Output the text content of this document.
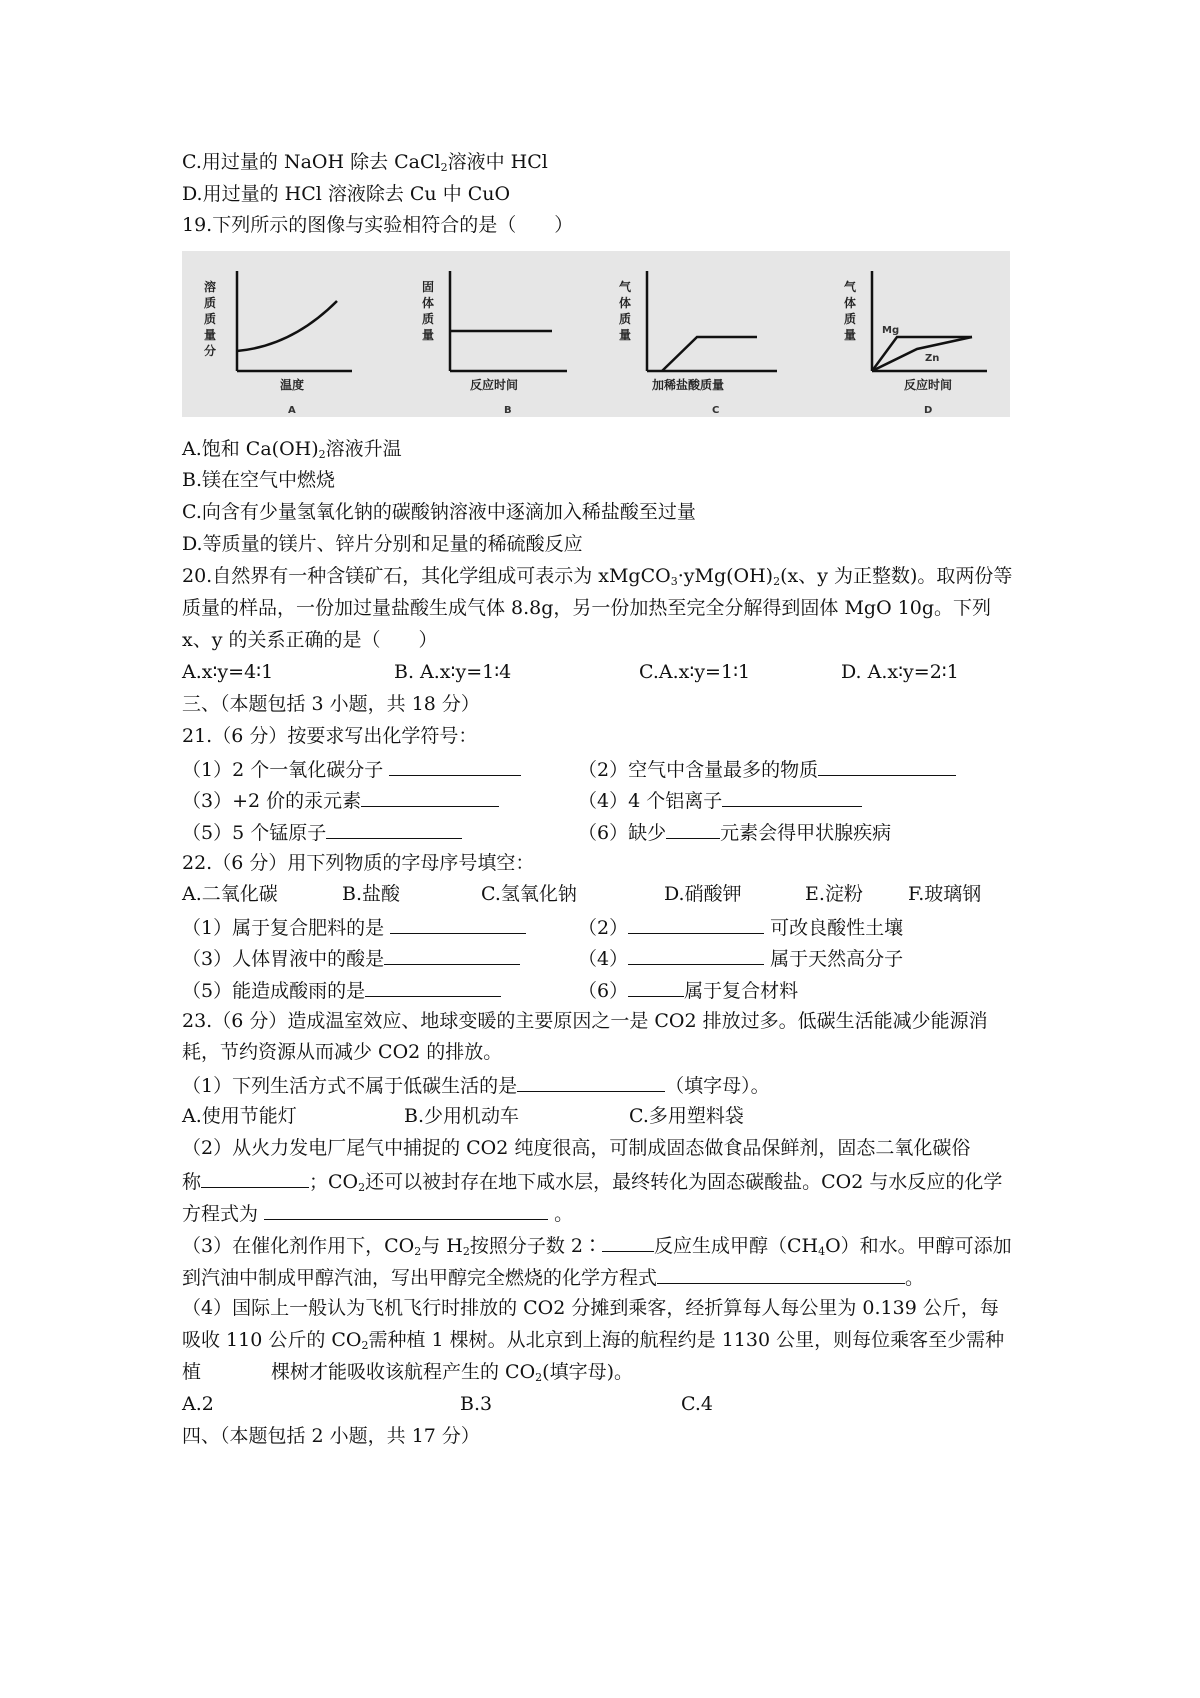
C.用过量的 NaOH 除去 CaCl$_2$溶液中 HCl
D.用过量的 HCl 溶液除去 Cu 中 CuO
19.下列所示的图像与实验相符合的是（　　）
溶质质量分
温度
固体质量
反应时间
气体质量
加稀盐酸质量
气体质量
反应时间
Mg
Zn
A	B	C	D
A.饱和 $Ca(OH)_2$溶液升温
B.镁在空气中燃烧
C.向含有少量氢氧化钠的碳酸钠溶液中逐滴加入稀盐酸至过量
D.等质量的镁片、锌片分别和足量的稀硫酸反应
20.自然界有一种含镁矿石，其化学组成可表示为 $xMgCO_3\cdot yMg(OH)_2(x$、y 为正整数)。取两份等
质量的样品，一份加过量盐酸生成气体 8.8g，另一份加热至完全分解得到固体 MgO 10g。下列
x、y 的关系正确的是（　　）
A.x∶y=4∶1	B. A.x∶y=1∶4	C.A.x∶y=1∶1	D. A.x∶y=2∶1
三、（本题包括 3 小题，共 18 分）
21.（6 分）按要求写出化学符号：
（1）2 个一氧化碳分子	（2）空气中含量最多的物质
（3）+2 价的汞元素	（4）4 个铝离子
（5）5 个锰原子	（6）缺少	元素会得甲状腺疾病
22.（6 分）用下列物质的字母序号填空：
A.二氧化碳	B.盐酸	C.氢氧化钠	D.硝酸钾	E.淀粉 F.玻璃钢
（1）属于复合肥料的是	（2）	可改良酸性土壤
（3）人体胃液中的酸是	（4）	属于天然高分子
（5）能造成酸雨的是	（6）	属于复合材料
23.（6 分）造成温室效应、地球变暖的主要原因之一是 CO2 排放过多。低碳生活能减少能源消
耗，节约资源从而减少 CO2 的排放。
（1）下列生活方式不属于低碳生活的是	（填字母）。
A.使用节能灯	B.少用机动车	C.多用塑料袋
（2）从火力发电厂尾气中捕捉的 CO2 纯度很高，可制成固态做食品保鲜剂，固态二氧化碳俗
称	；$CO_2$还可以被封存在地下咸水层，最终转化为固态碳酸盐。CO2 与水反应的化学
方程式为	。
（3）在催化剂作用下，$CO_2$与 $H_2$按照分子数 2∶	反应生成甲醇$(CH_4O)$和水。甲醇可添加
到汽油中制成甲醇汽油，写出甲醇完全燃烧的化学方程式	。
（4）国际上一般认为飞机飞行时排放的 CO2 分摊到乘客，经折算每人每公里为 0.139 公斤，每
吸收 110 公斤的 $CO_2$需种植 1 棵树。从北京到上海的航程约是 1130 公里，则每位乘客至少需种
植	棵树才能吸收该航程产生的 $CO_2$(填字母)。
A.2	B.3	C.4
四、（本题包括 2 小题，共 17 分）
